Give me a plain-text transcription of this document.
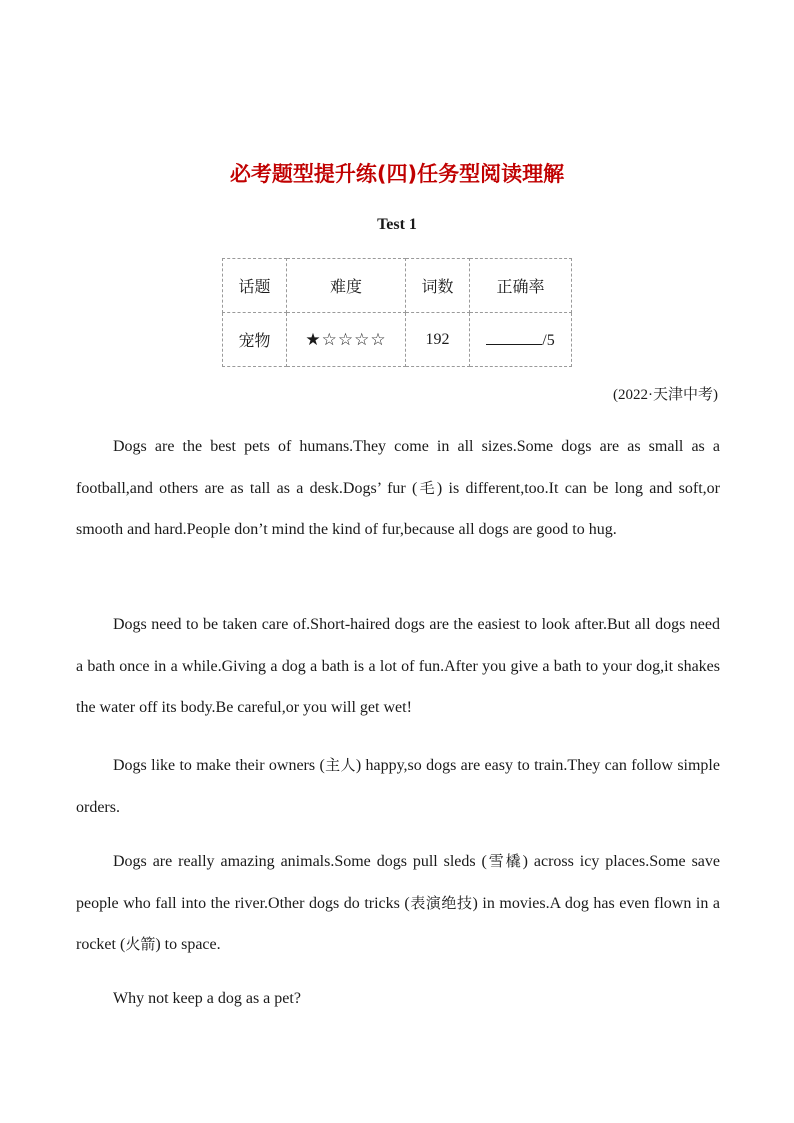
必考题型提升练(四)任务型阅读理解
Test 1
话题	难度	词数	正确率
宠物	★☆☆☆☆	192	/5
(2022·天津中考)

Dogs are the best pets of humans.They come in all sizes.Some dogs are as small as a football,and others are as tall as a desk.Dogs’ fur (毛) is different,too.It can be long and soft,or smooth and hard.People don’t mind the kind of fur,because all dogs are good to hug.

Dogs need to be taken care of.Short-haired dogs are the easiest to look after.But all dogs need a bath once in a while.Giving a dog a bath is a lot of fun.After you give a bath to your dog,it shakes the water off its body.Be careful,or you will get wet!

Dogs like to make their owners (主人) happy,so dogs are easy to train.They can follow simple orders.

Dogs are really amazing animals.Some dogs pull sleds (雪橇) across icy places.Some save people who fall into the river.Other dogs do tricks (表演绝技) in movies.A dog has even flown in a rocket (火箭) to space.

Why not keep a dog as a pet?
